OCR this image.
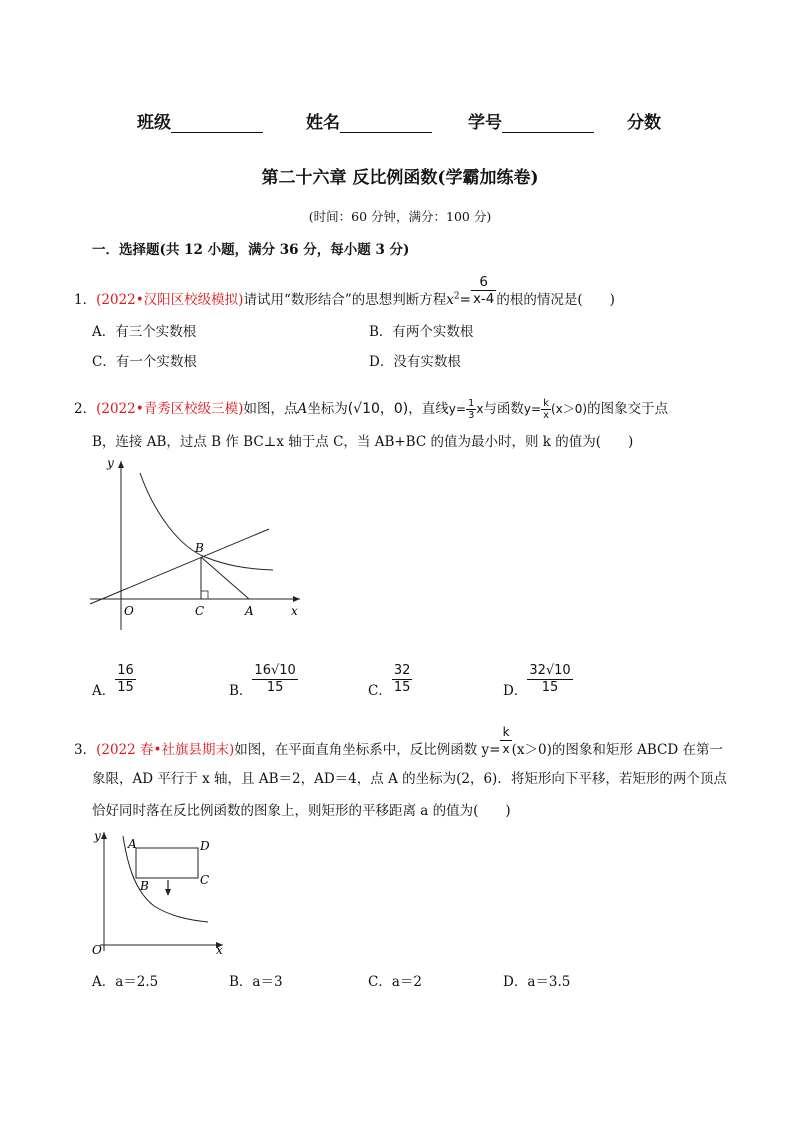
班级	姓名	学号	分数
第二十六章 反比例函数(学霸加练卷)
(时间：60 分钟，满分：100 分)
一．选择题(共 12 小题，满分 36 分，每小题 3 分)
1．(2022•汉阳区校级模拟)请试用“数形结合”的思想判断方程$x^2= \frac{6}{x-4}$ 的根的情况是(　　)
A．有三个实数根	B．有两个实数根
C．有一个实数根	D．没有实数根
2．(2022•青秀区校级三模)如图，点A坐标为(√10，0)，直线$y= \frac{1}{3}$ x与函数$y= \frac{k}{x} (x>0)$的图象交于点
B，连接 AB，过点 B 作 BC⊥x 轴于点 C，当 AB+BC 的值为最小时，则 k 的值为(　　)
y
x
O
B
C	A
A． $\frac{16}{15}$	B． $\frac{16√10}{15}$	C． $\frac{32}{15}$	D． $\frac{32√10}{15}$
3．(2022 春•社旗县期末)如图，在平面直角坐标系中，反比例函数 $y= \frac{k}{x} (x>0)$的图象和矩形 ABCD 在第一
象限，AD 平行于 x 轴，且 AB＝2，AD＝4，点 A 的坐标为(2，6)．将矩形向下平移，若矩形的两个顶点
恰好同时落在反比例函数的图象上，则矩形的平移距离 a 的值为(　　)
y
x
O
A	D
B	C
A．a＝2.5	B．a＝3	C．a＝2	D．a＝3.5
